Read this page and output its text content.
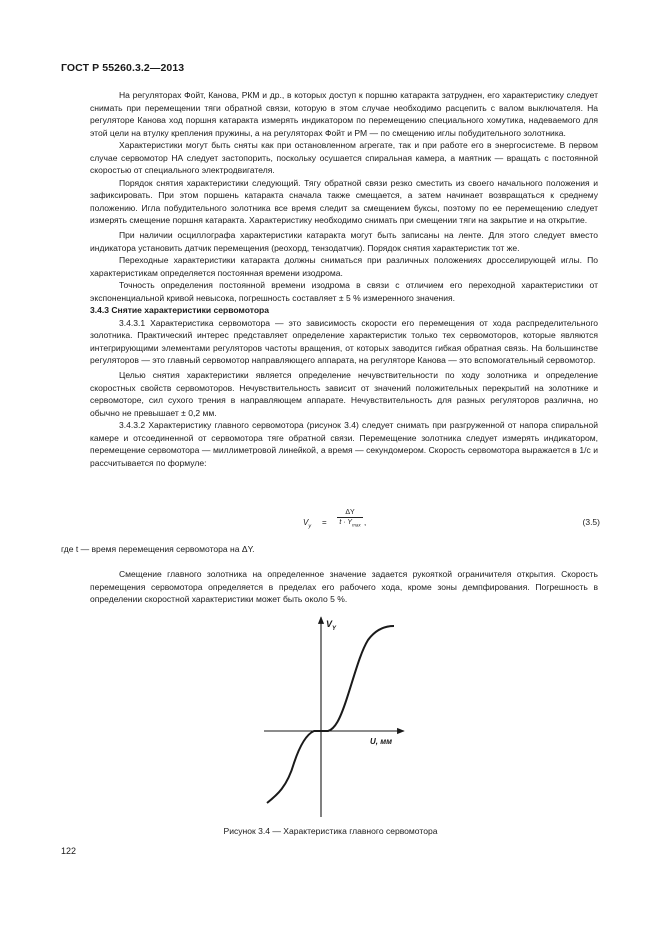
ГОСТ Р 55260.3.2—2013

На регуляторах Фойт, Канова, РКМ и др., в которых доступ к поршню катаракта затруднен, его характеристику следует снимать при перемещении тяги обратной связи, которую в этом случае необходимо расцепить с валом выключателя. На регуляторе Канова ход поршня катаракта измерять индикатором по перемещению специального хомутика, надеваемого для этой цели на втулку крепления пружины, а на регуляторах Фойт и РМ — по смещению иглы побудительного золотника.

Характеристики могут быть сняты как при остановленном агрегате, так и при работе его в энергосистеме. В первом случае сервомотор НА следует застопорить, поскольку осушается спиральная камера, а маятник — вращать с постоянной скоростью от специального электродвигателя.

Порядок снятия характеристики следующий. Тягу обратной связи резко сместить из своего начального положения и зафиксировать. При этом поршень катаракта сначала также смещается, а затем начинает возвращаться к среднему положению. Игла побудительного золотника все время следит за смещением буксы, поэтому по ее перемещению следует измерять смещение поршня катаракта. Характеристику необходимо снимать при смещении тяги на закрытие и на открытие.

При наличии осциллографа характеристики катаракта могут быть записаны на ленте. Для этого следует вместо индикатора установить датчик перемещения (реохорд, тензодатчик). Порядок снятия характеристик тот же.

Переходные характеристики катаракта должны сниматься при различных положениях дросселирующей иглы. По характеристикам определяется постоянная времени изодрома.

Точность определения постоянной времени изодрома в связи с отличием его переходной характеристики от экспоненциальной кривой невысока, погрешность составляет ± 5 % измеренного значения.

3.4.3 Снятие характеристики сервомотора

3.4.3.1 Характеристика сервомотора — это зависимость скорости его перемещения от хода распределительного золотника. Практический интерес представляет определение характеристик только тех сервомоторов, которые являются интегрирующими элементами регуляторов частоты вращения, от которых заводится гибкая обратная связь. На большинстве регуляторов — это главный сервомотор направляющего аппарата, на регуляторе Канова — это вспомогательный сервомотор.

Целью снятия характеристики является определение нечувствительности по ходу золотника и определение скоростных свойств сервомоторов. Нечувствительность зависит от значений положительных перекрытий на золотнике и сервомоторе, сил сухого трения в направляющем аппарате. Нечувствительность для разных регуляторов различна, но обычно не превышает ± 0,2 мм.

3.4.3.2 Характеристику главного сервомотора (рисунок 3.4) следует снимать при разгруженной от напора спиральной камере и отсоединенной от сервомотора тяге обратной связи. Перемещение золотника следует измерять индикатором, перемещение сервомотора — миллиметровой линейкой, а время — секундомером. Скорость сервомотора выражается в 1/с и рассчитывается по формуле:

$V_y$ =
ΔY
$t \cdot Y_{max}$ ,	(3.5)
где t — время перемещения сервомотора на ΔY.

Смещение главного золотника на определенное значение задается рукояткой ограничителя открытия. Скорость перемещения сервомотора определяется в пределах его рабочего хода, кроме зоны демпфирования. Погрешность в определении скоростной характеристики может быть около 5 %.

$V_Y$
U, мм
Рисунок 3.4 — Характеристика главного сервомотора
122
